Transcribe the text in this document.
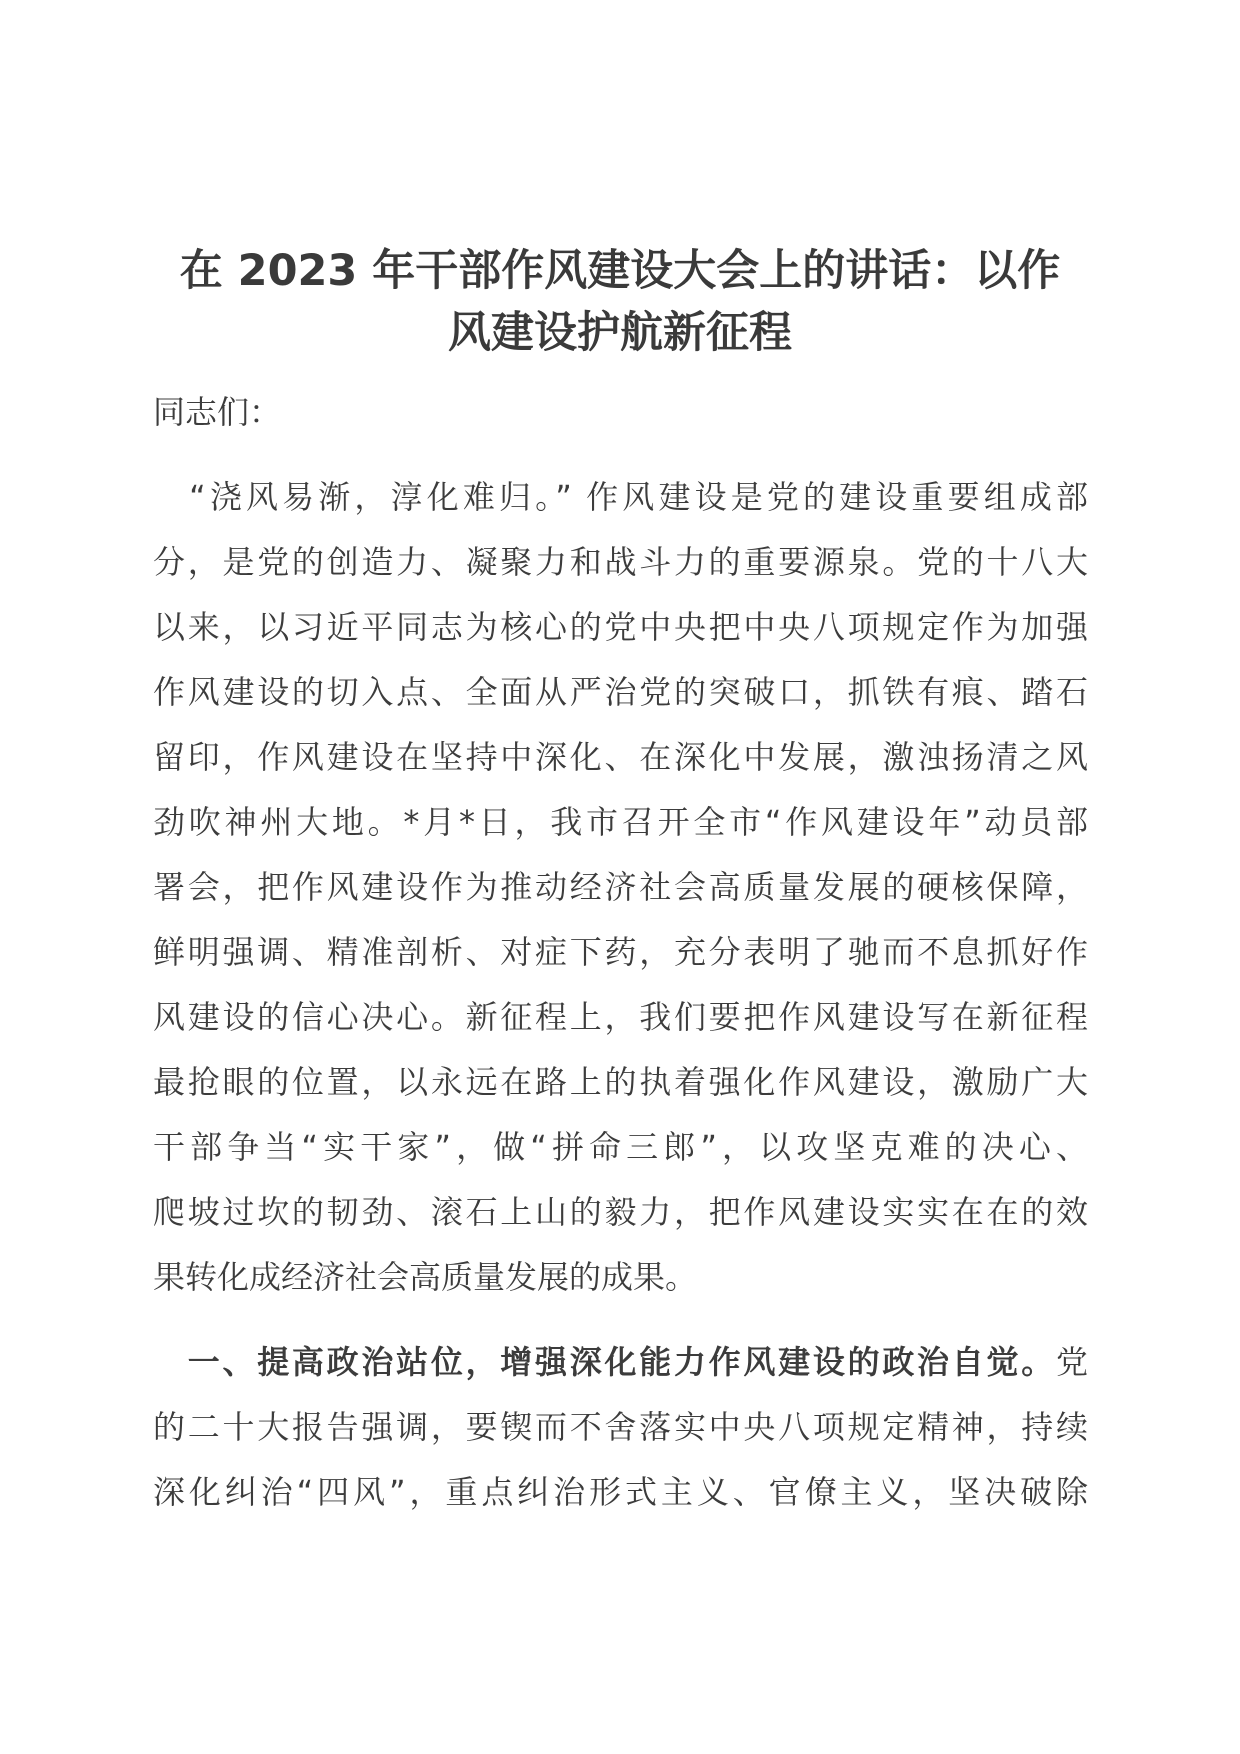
在 2023 年干部作风建设大会上的讲话：以作
风建设护航新征程
同志们：
　“浇风易渐，淳化难归。” 作风建设是党的建设重要组成部
分，是党的创造力、凝聚力和战斗力的重要源泉。党的十八大
以来，以习近平同志为核心的党中央把中央八项规定作为加强
作风建设的切入点、全面从严治党的突破口，抓铁有痕、踏石
留印，作风建设在坚持中深化、在深化中发展，激浊扬清之风
劲吹神州大地。*月*日，我市召开全市“作风建设年”动员部
署会，把作风建设作为推动经济社会高质量发展的硬核保障，
鲜明强调、精准剖析、对症下药，充分表明了驰而不息抓好作
风建设的信心决心。新征程上，我们要把作风建设写在新征程
最抢眼的位置，以永远在路上的执着强化作风建设，激励广大
干部争当“实干家”，做“拼命三郎”，以攻坚克难的决心、
爬坡过坎的韧劲、滚石上山的毅力，把作风建设实实在在的效
果转化成经济社会高质量发展的成果。
　一、提高政治站位，增强深化能力作风建设的政治自觉。党
的二十大报告强调，要锲而不舍落实中央八项规定精神，持续
深化纠治“四风”，重点纠治形式主义、官僚主义，坚决破除
